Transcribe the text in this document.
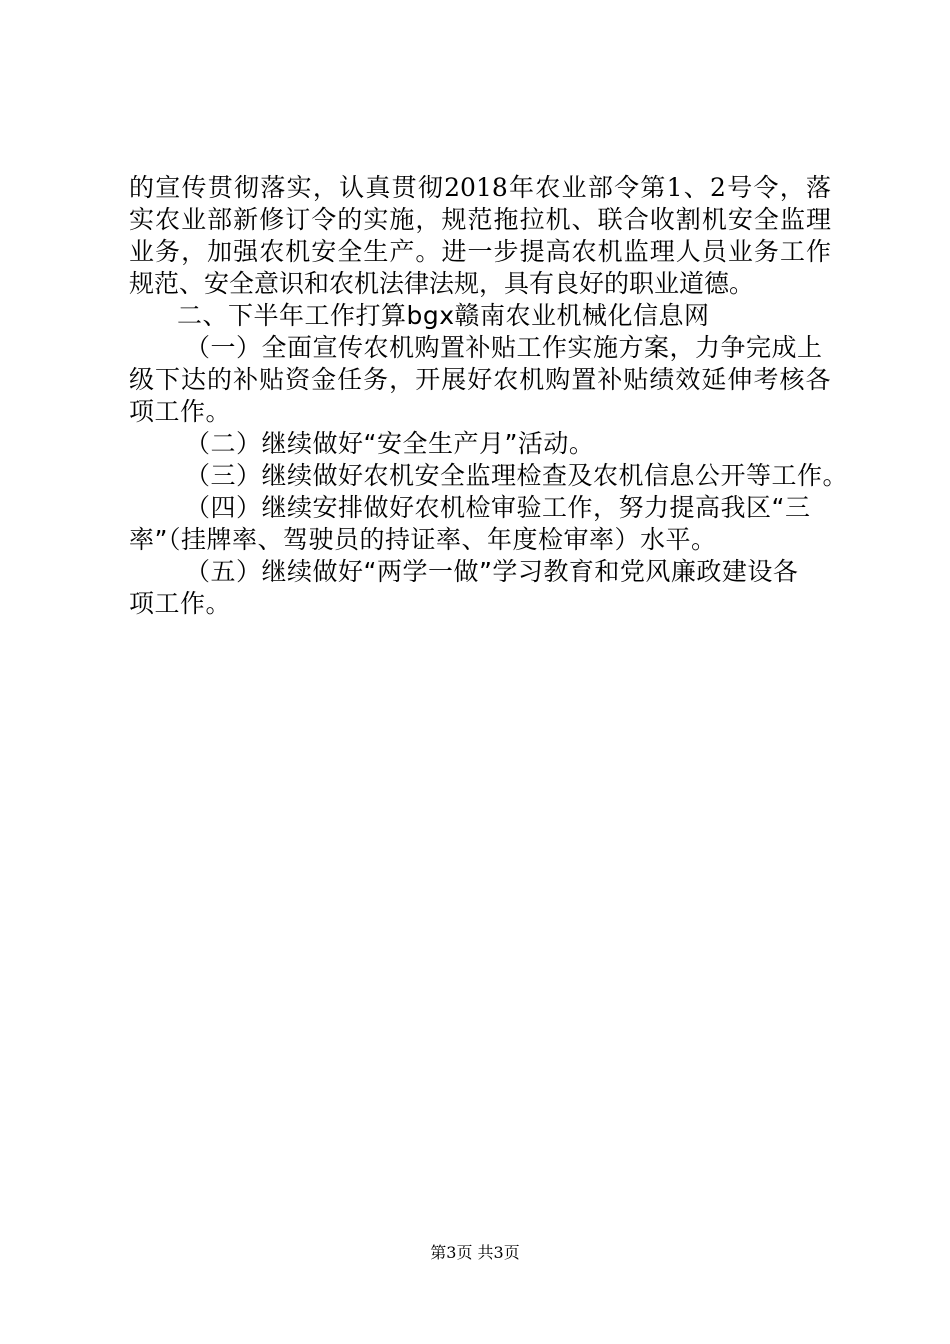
的宣传贯彻落实，认真贯彻2018年农业部令第1、2号令，落
实农业部新修订令的实施，规范拖拉机、联合收割机安全监理
业务，加强农机安全生产。进一步提高农机监理人员业务工作
规范、安全意识和农机法律法规，具有良好的职业道德。
二、下半年工作打算bgx赣南农业机械化信息网
（一）全面宣传农机购置补贴工作实施方案，力争完成上
级下达的补贴资金任务，开展好农机购置补贴绩效延伸考核各
项工作。
（二）继续做好“安全生产月”活动。
（三）继续做好农机安全监理检查及农机信息公开等工作。
（四）继续安排做好农机检审验工作，努力提高我区“三
率”（挂牌率、驾驶员的持证率、年度检审率）水平。
（五）继续做好“两学一做”学习教育和党风廉政建设各
项工作。
第3页 共3页
